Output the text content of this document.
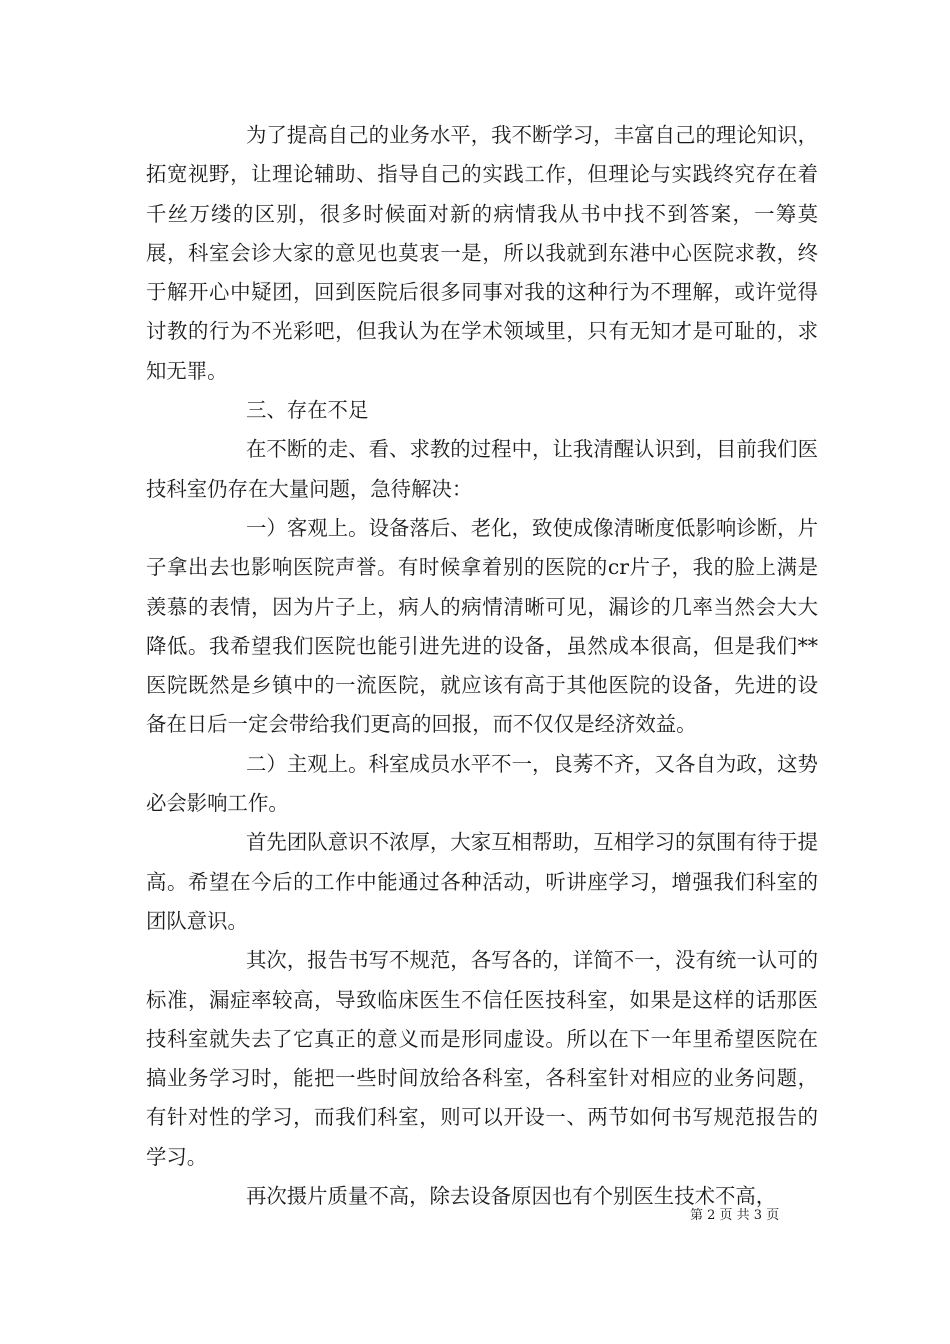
为了提高自己的业务水平，我不断学习，丰富自己的理论知识，拓宽视野，让理论辅助、指导自己的实践工作，但理论与实践终究存在着千丝万缕的区别，很多时候面对新的病情我从书中找不到答案，一筹莫展，科室会诊大家的意见也莫衷一是，所以我就到东港中心医院求教，终于解开心中疑团，回到医院后很多同事对我的这种行为不理解，或许觉得讨教的行为不光彩吧，但我认为在学术领域里，只有无知才是可耻的，求知无罪。

三、存在不足

在不断的走、看、求教的过程中，让我清醒认识到，目前我们医技科室仍存在大量问题，急待解决：

一）客观上。设备落后、老化，致使成像清晰度低影响诊断，片子拿出去也影响医院声誉。有时候拿着别的医院的cr片子，我的脸上满是羡慕的表情，因为片子上，病人的病情清晰可见，漏诊的几率当然会大大降低。我希望我们医院也能引进先进的设备，虽然成本很高，但是我们**医院既然是乡镇中的一流医院，就应该有高于其他医院的设备，先进的设备在日后一定会带给我们更高的回报，而不仅仅是经济效益。

二）主观上。科室成员水平不一，良莠不齐，又各自为政，这势必会影响工作。

首先团队意识不浓厚，大家互相帮助，互相学习的氛围有待于提高。希望在今后的工作中能通过各种活动，听讲座学习，增强我们科室的团队意识。

其次，报告书写不规范，各写各的，详简不一，没有统一认可的标准，漏症率较高，导致临床医生不信任医技科室，如果是这样的话那医技科室就失去了它真正的意义而是形同虚设。所以在下一年里希望医院在搞业务学习时，能把一些时间放给各科室，各科室针对相应的业务问题，有针对性的学习，而我们科室，则可以开设一、两节如何书写规范报告的学习。

再次摄片质量不高，除去设备原因也有个别医生技术不高，

第 2 页 共 3 页
